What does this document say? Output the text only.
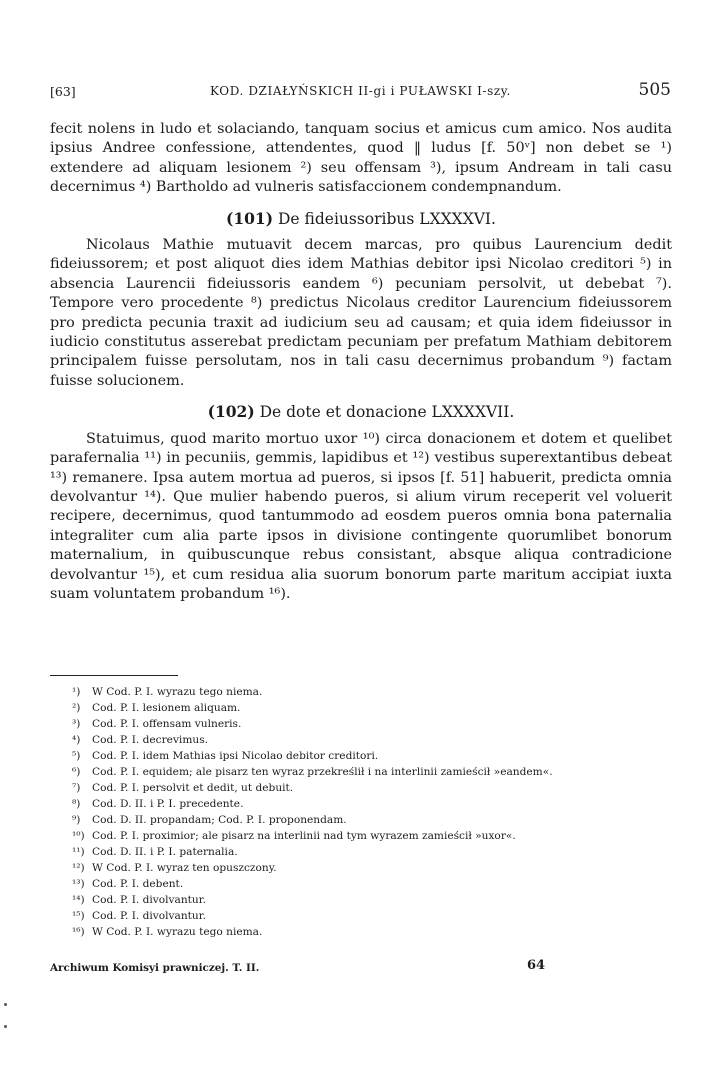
[63]	KOD. DZIAŁYŃSKICH II-gi i PUŁAWSKI I-szy.	505

fecit nolens in ludo et solaciando, tanquam socius et amicus cum amico. Nos audita ipsius Andree confessione, attendentes, quod ‖ ludus [f. 50ᵛ] non debet se ¹) extendere ad aliquam lesionem ²) seu offensam ³), ipsum Andream in tali casu decernimus ⁴) Bartholdo ad vulneris satisfaccionem condempnandum.

(101) De fideiussoribus LXXXXVI.

Nicolaus Mathie mutuavit decem marcas, pro quibus Laurencium dedit fideiussorem; et post aliquot dies idem Mathias debitor ipsi Nicolao creditori ⁵) in absencia Laurencii fideiussoris eandem ⁶) pecuniam persolvit, ut debebat ⁷). Tempore vero procedente ⁸) predictus Nicolaus creditor Laurencium fideiussorem pro predicta pecunia traxit ad iudicium seu ad causam; et quia idem fideiussor in iudicio constitutus asserebat predictam pecuniam per prefatum Mathiam debitorem principalem fuisse persolutam, nos in tali casu decernimus probandum ⁹) factam fuisse solucionem.

(102) De dote et donacione LXXXXVII.

Statuimus, quod marito mortuo uxor ¹⁰) circa donacionem et dotem et quelibet parafernalia ¹¹) in pecuniis, gemmis, lapidibus et ¹²) vestibus superextantibus debeat ¹³) remanere. Ipsa autem mortua ad pueros, si ipsos [f. 51] habuerit, predicta omnia devolvantur ¹⁴). Que mulier habendo pueros, si alium virum receperit vel voluerit recipere, decernimus, quod tantummodo ad eosdem pueros omnia bona paternalia integraliter cum alia parte ipsos in divisione contingente quorumlibet bonorum maternalium, in quibuscunque rebus consistant, absque aliqua contradicione devolvantur ¹⁵), et cum residua alia suorum bonorum parte maritum accipiat iuxta suam voluntatem probandum ¹⁶).

¹) W Cod. P. I. wyrazu tego niema.
²) Cod. P. I. lesionem aliquam.
³) Cod. P. I. offensam vulneris.
⁴) Cod. P. I. decrevimus.
⁵) Cod. P. I. idem Mathias ipsi Nicolao debitor creditori.
⁶) Cod. P. I. equidem; ale pisarz ten wyraz przekreślił i na interlinii zamieścił »eandem«.
⁷) Cod. P. I. persolvit et dedit, ut debuit.
⁸) Cod. D. II. i P. I. precedente.
⁹) Cod. D. II. propandam; Cod. P. I. proponendam.
¹⁰) Cod. P. I. proximior; ale pisarz na interlinii nad tym wyrazem zamieścił »uxor«.
¹¹) Cod. D. II. i P. I. paternalia.
¹²) W Cod. P. I. wyraz ten opuszczony.
¹³) Cod. P. I. debent.
¹⁴) Cod. P. I. divolvantur.
¹⁵) Cod. P. I. divolvantur.
¹⁶) W Cod. P. I. wyrazu tego niema.
Archiwum Komisyi prawniczej. T. II.	64
